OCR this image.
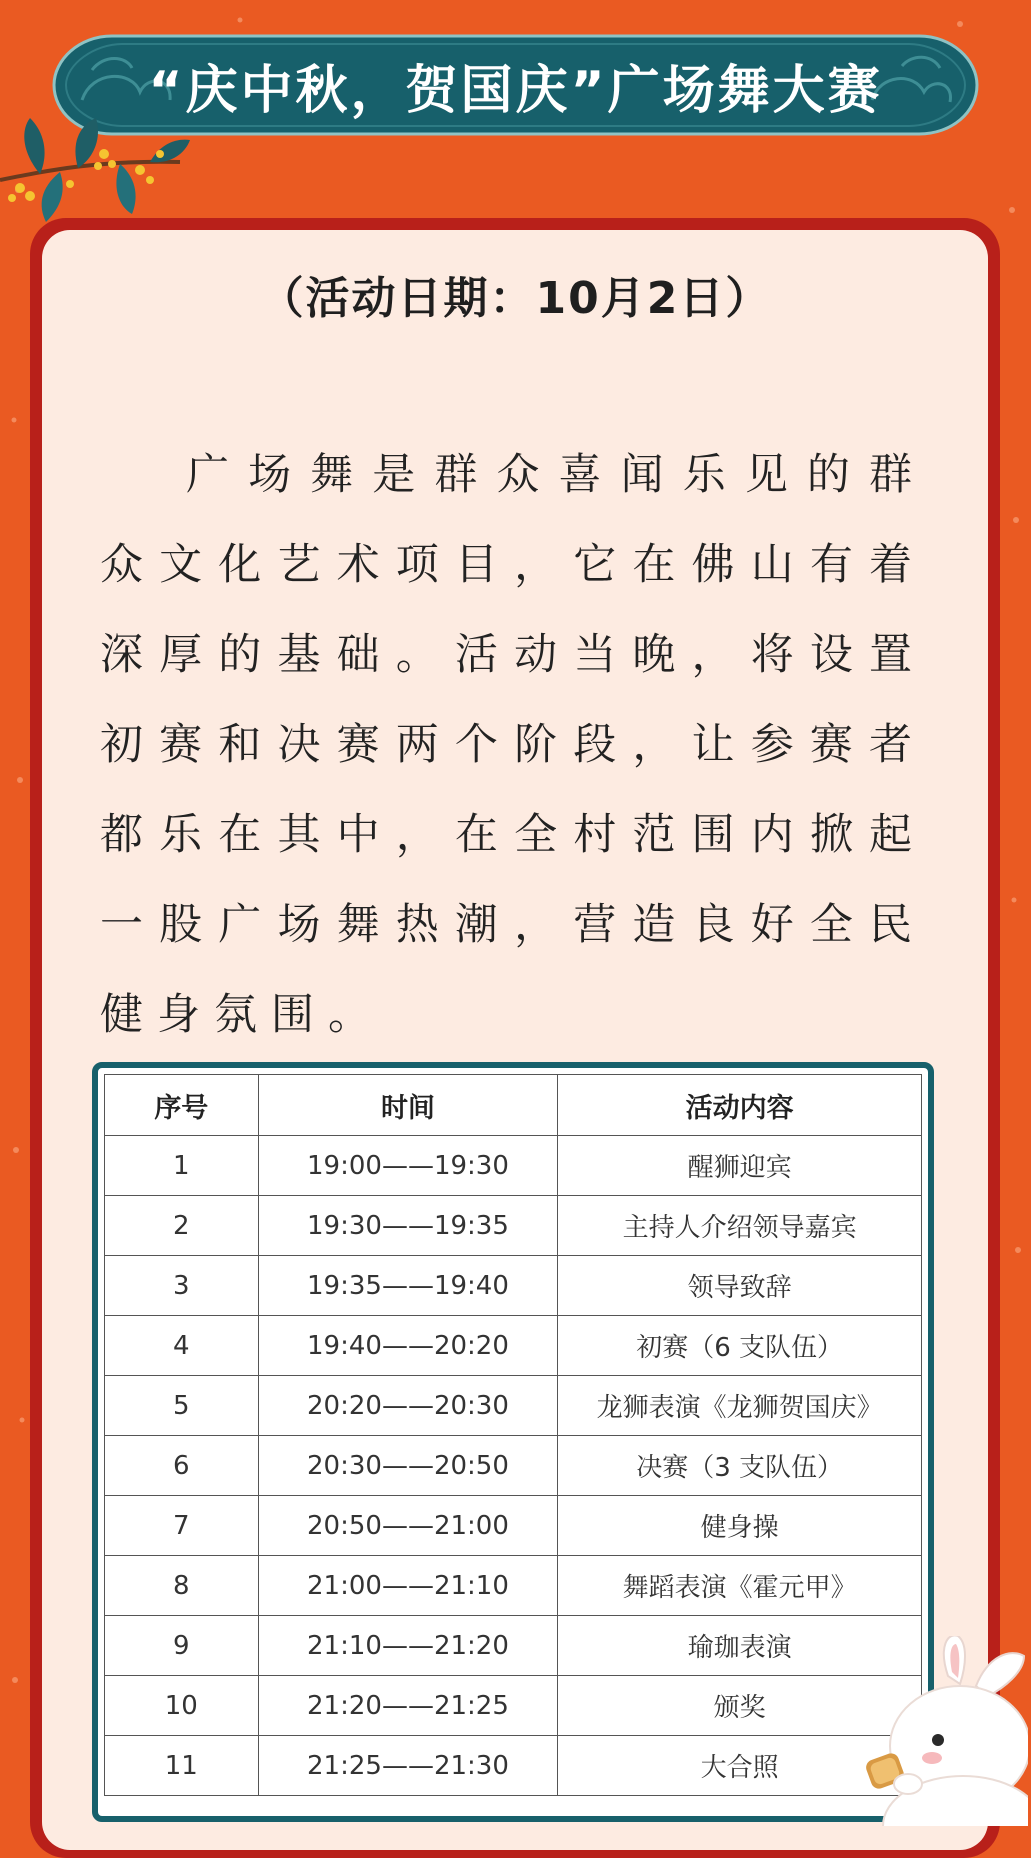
“庆中秋，贺国庆”广场舞大赛
（活动日期：10月2日）

广场舞是群众喜闻乐见的群众文化艺术项目，它在佛山有着深厚的基础。活动当晚，将设置初赛和决赛两个阶段，让参赛者都乐在其中，在全村范围内掀起一股广场舞热潮，营造良好全民健身氛围。

序号	时间	活动内容
1	19:00——19:30	醒狮迎宾
2	19:30——19:35	主持人介绍领导嘉宾
3	19:35——19:40	领导致辞
4	19:40——20:20	初赛（6 支队伍）
5	20:20——20:30	龙狮表演《龙狮贺国庆》
6	20:30——20:50	决赛（3 支队伍）
7	20:50——21:00	健身操
8	21:00——21:10	舞蹈表演《霍元甲》
9	21:10——21:20	瑜珈表演
10	21:20——21:25	颁奖
11	21:25——21:30	大合照
